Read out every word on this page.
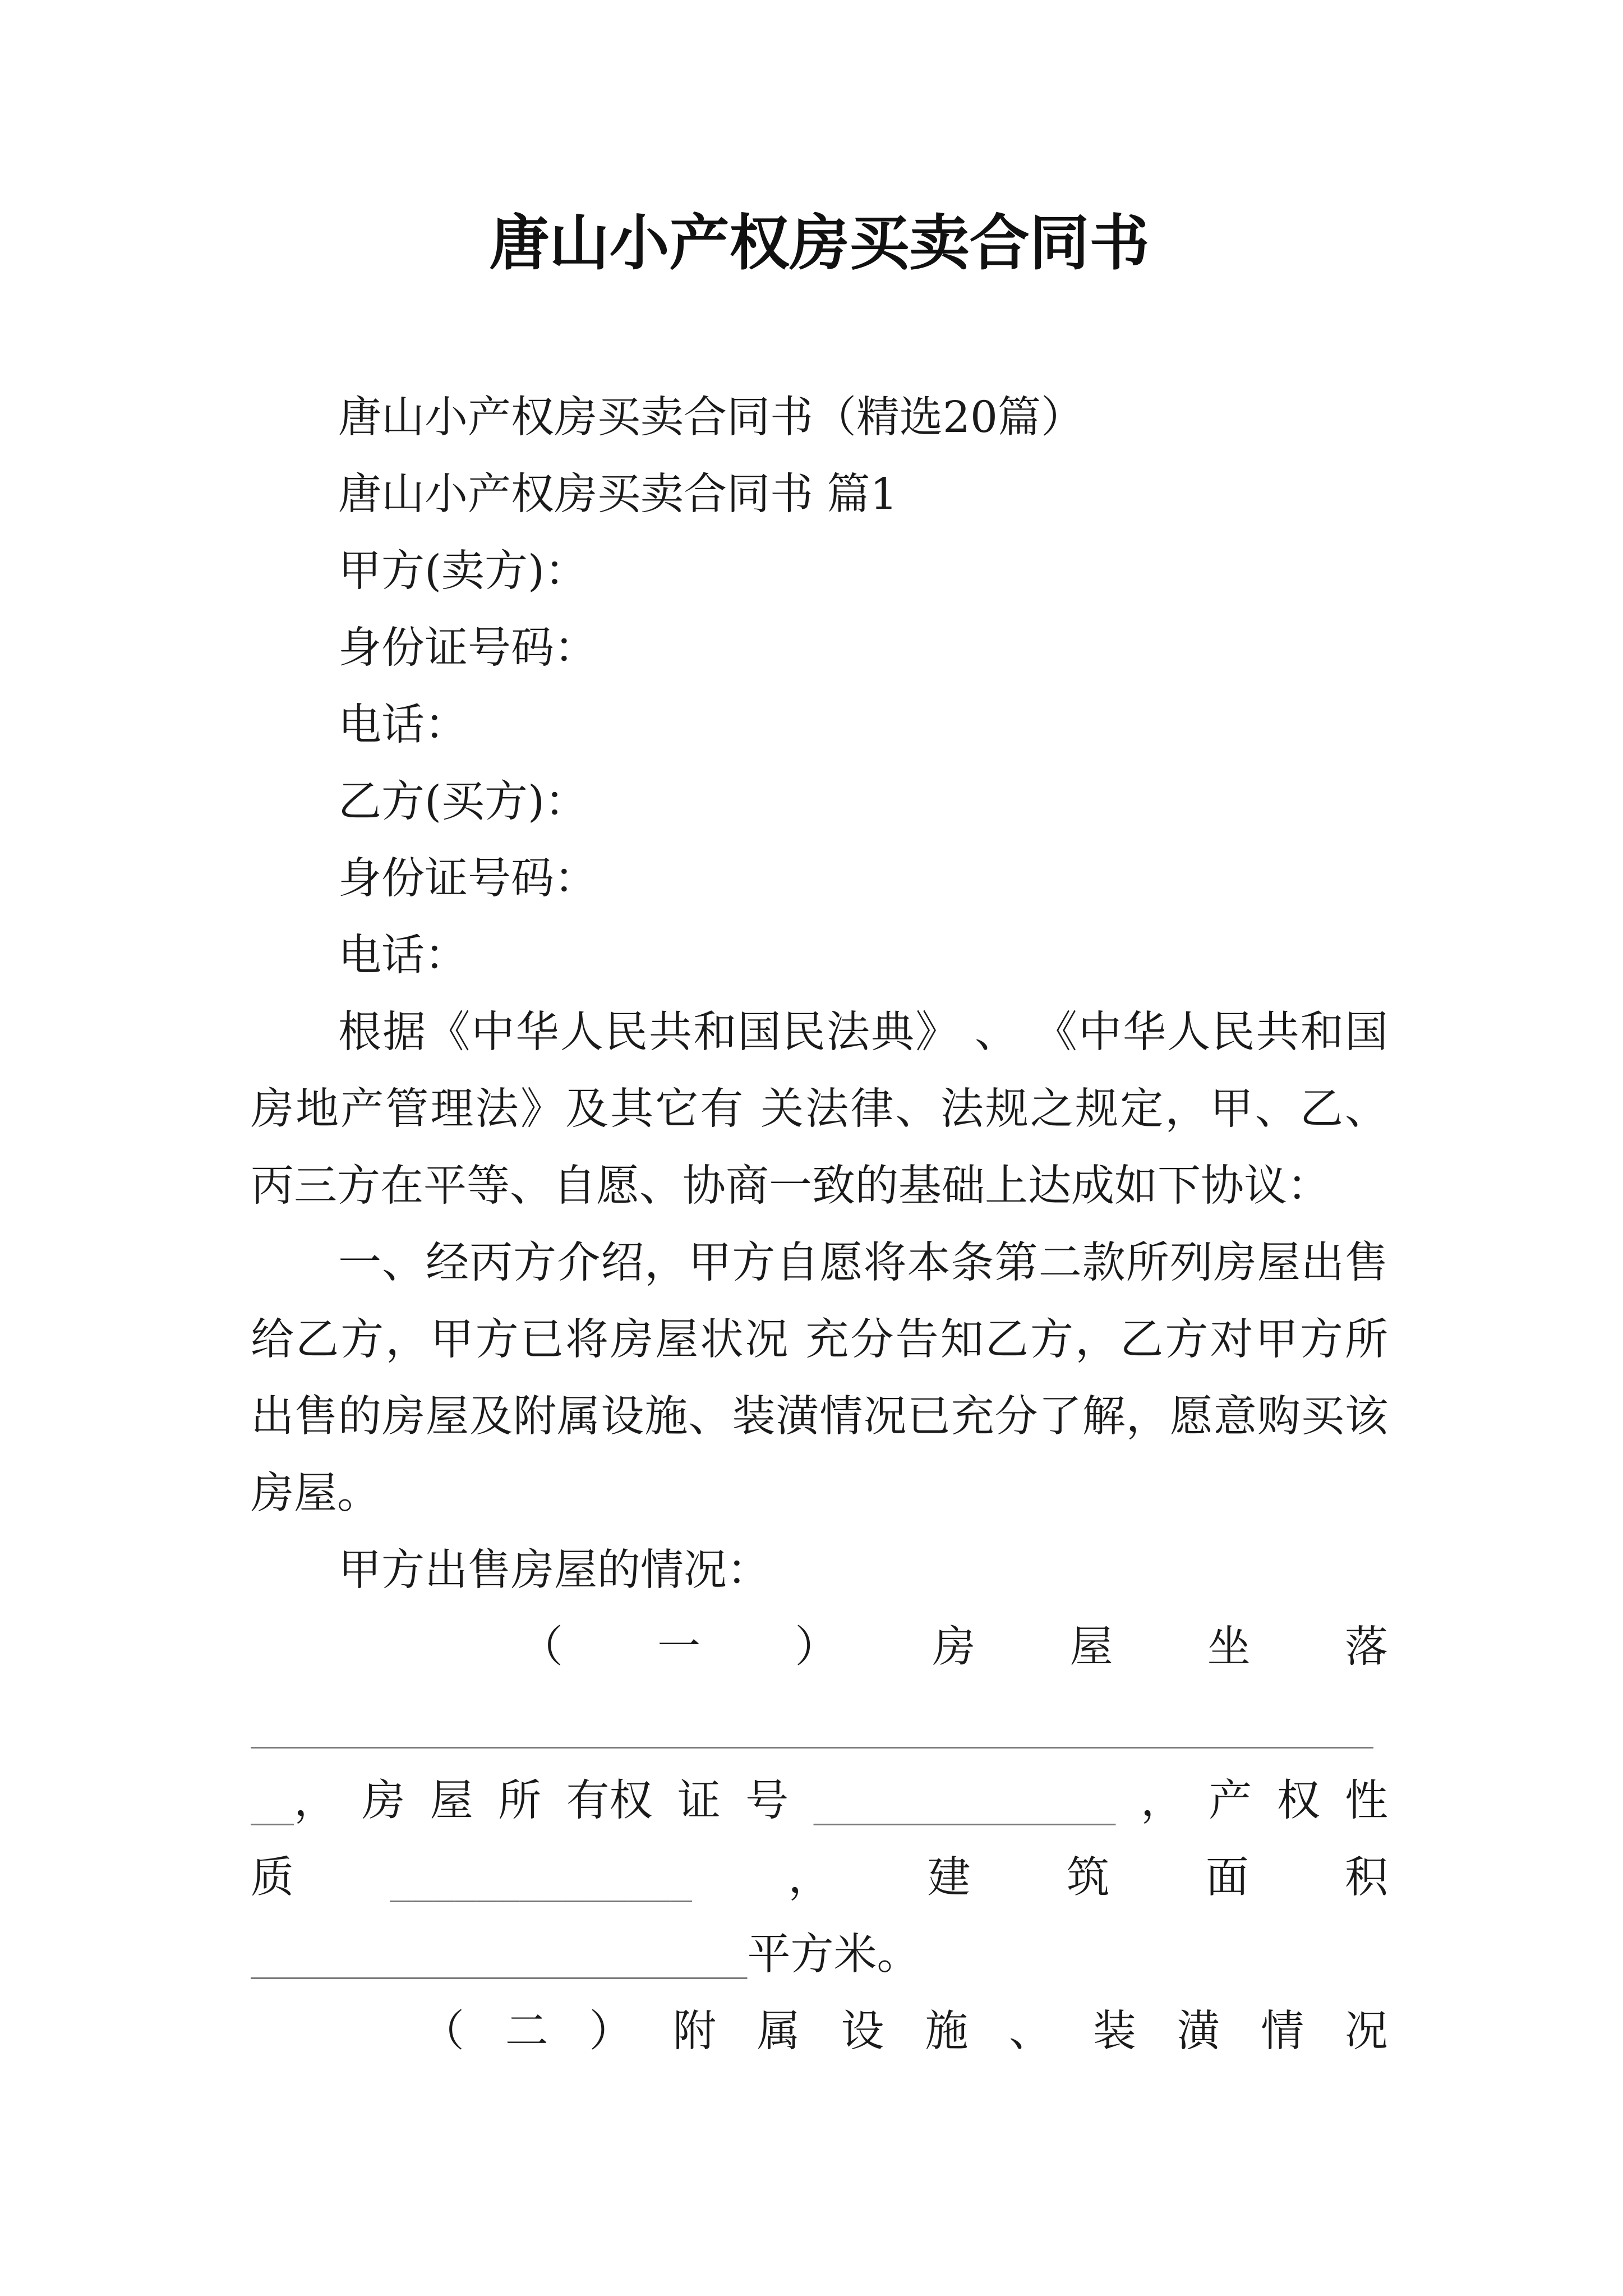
唐山小产权房买卖合同书
唐山小产权房买卖合同书（精选20篇）
唐山小产权房买卖合同书 篇1
甲方(卖方)：
身份证号码：
电话：
乙方(买方)：
身份证号码：
电话：
根据《中华人民共和国民法典》 、 《中华人民共和国
房地产管理法》及其它有 关法律、法规之规定，甲、乙、
丙三方在平等、自愿、协商一致的基础上达成如下协议：
一、经丙方介绍，甲方自愿将本条第二款所列房屋出售
给乙方，甲方已将房屋状况 充分告知乙方，乙方对甲方所
出售的房屋及附属设施、装潢情况已充分了解，愿意购买该
房屋。
甲方出售房屋的情况：
（ 一 ） 房 屋 坐 落
____________________________________________________
__， 房 屋 所 有权 证 号 ______________ ， 产 权 性
质 ______________ ， 建 筑 面 积
_______________________平方米。
（ 二 ） 附 属 设 施 、 装 潢 情 况
